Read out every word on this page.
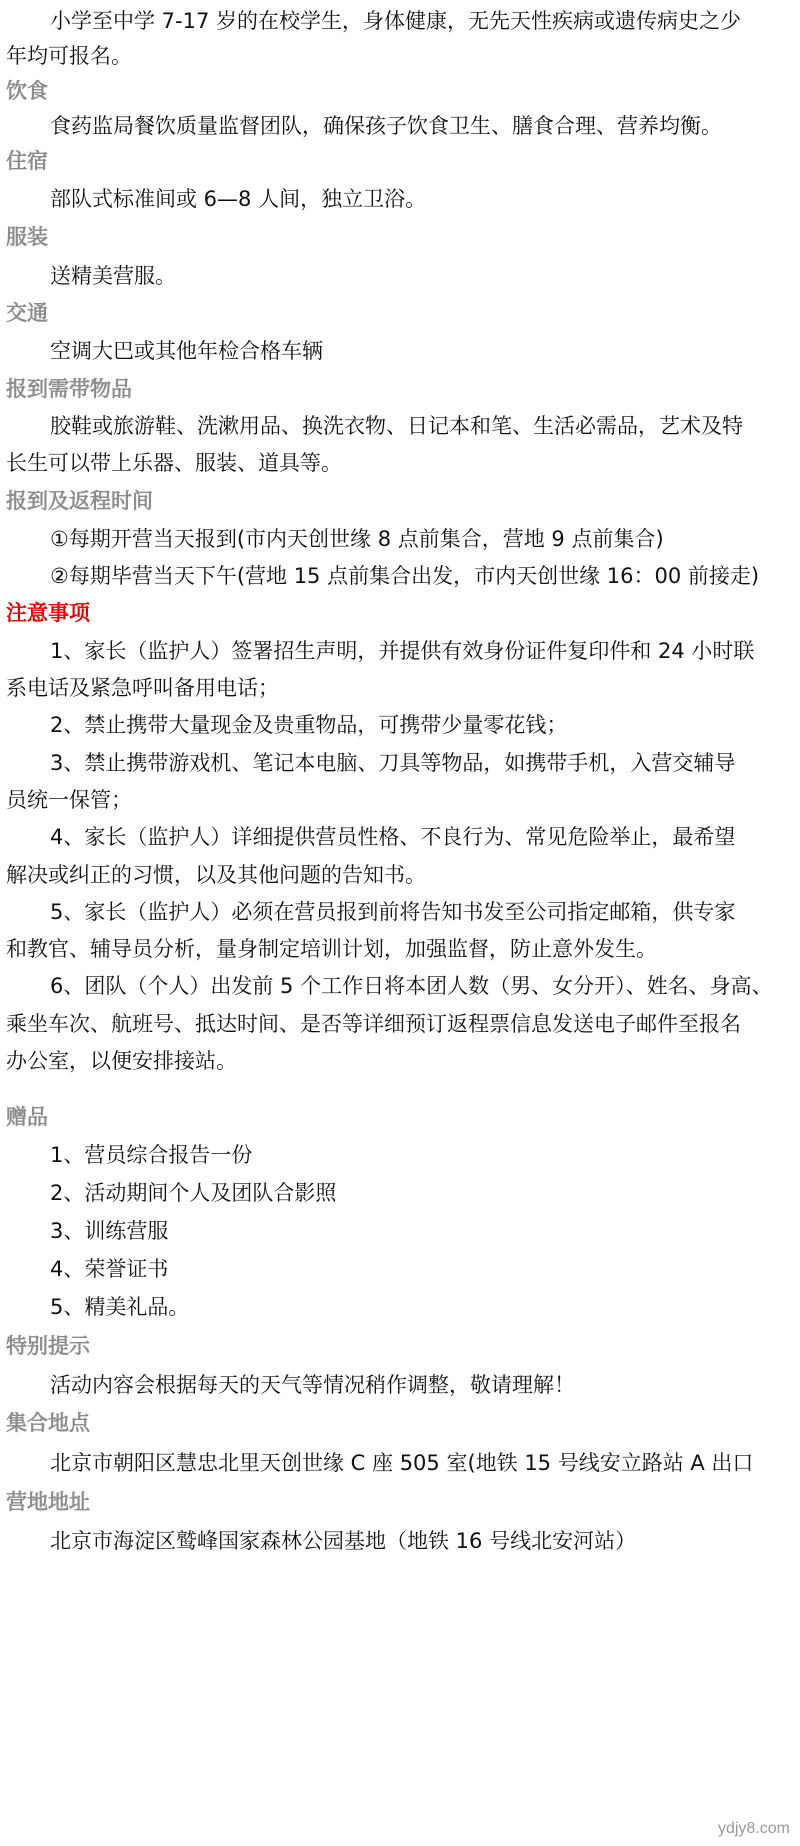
小学至中学 7-17 岁的在校学生，身体健康，无先天性疾病或遗传病史之少
年均可报名。
饮食
食药监局餐饮质量监督团队，确保孩子饮食卫生、膳食合理、营养均衡。
住宿
部队式标准间或 6—8 人间，独立卫浴。
服装
送精美营服。
交通
空调大巴或其他年检合格车辆
报到需带物品
胶鞋或旅游鞋、洗漱用品、换洗衣物、日记本和笔、生活必需品，艺术及特
长生可以带上乐器、服装、道具等。
报到及返程时间
①每期开营当天报到(市内天创世缘 8 点前集合，营地 9 点前集合)
②每期毕营当天下午(营地 15 点前集合出发，市内天创世缘 16：00 前接走)
注意事项
1、家长（监护人）签署招生声明，并提供有效身份证件复印件和 24 小时联
系电话及紧急呼叫备用电话；
2、禁止携带大量现金及贵重物品，可携带少量零花钱；
3、禁止携带游戏机、笔记本电脑、刀具等物品，如携带手机，入营交辅导
员统一保管；
4、家长（监护人）详细提供营员性格、不良行为、常见危险举止，最希望
解决或纠正的习惯，以及其他问题的告知书。
5、家长（监护人）必须在营员报到前将告知书发至公司指定邮箱，供专家
和教官、辅导员分析，量身制定培训计划，加强监督，防止意外发生。
6、团队（个人）出发前 5 个工作日将本团人数（男、女分开）、姓名、身高、
乘坐车次、航班号、抵达时间、是否等详细预订返程票信息发送电子邮件至报名
办公室，以便安排接站。
赠品
1、营员综合报告一份
2、活动期间个人及团队合影照
3、训练营服
4、荣誉证书
5、精美礼品。
特别提示
活动内容会根据每天的天气等情况稍作调整，敬请理解！
集合地点
北京市朝阳区慧忠北里天创世缘 C 座 505 室(地铁 15 号线安立路站 A 出口
营地地址
北京市海淀区鹫峰国家森林公园基地（地铁 16 号线北安河站）
ydjy8.com
